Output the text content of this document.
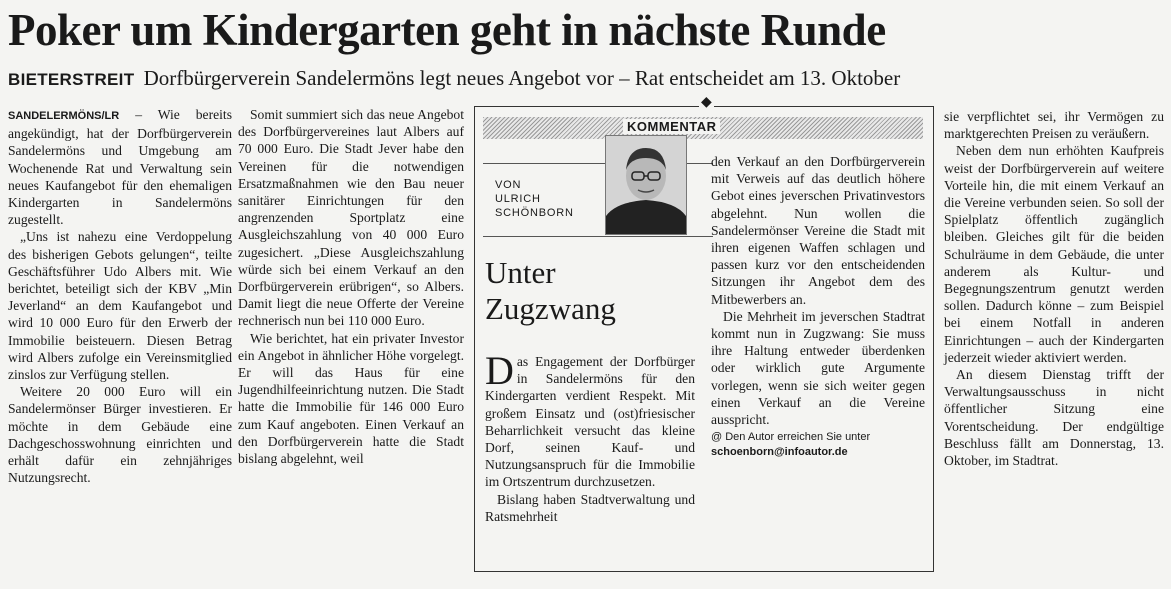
Poker um Kindergarten geht in nächste Runde
BIETERSTREIT Dorfbürgerverein Sandelermöns legt neues Angebot vor – Rat entscheidet am 13. Oktober

SANDELERMÖNS/LR – Wie bereits angekündigt, hat der Dorfbürgerverein Sandelermöns und Umgebung am Wochenende Rat und Verwaltung sein neues Kaufangebot für den ehemaligen Kindergarten in Sandelermöns zugestellt.

„Uns ist nahezu eine Verdoppelung des bisherigen Gebots gelungen“, teilte Geschäftsführer Udo Albers mit. Wie berichtet, beteiligt sich der KBV „Min Jeverland“ an dem Kaufangebot und wird 10 000 Euro für den Erwerb der Immobilie beisteuern. Diesen Betrag wird Albers zufolge ein Vereinsmitglied zinslos zur Verfügung stellen.

Weitere 20 000 Euro will ein Sandelermönser Bürger investieren. Er möchte in dem Gebäude eine Dachgeschosswohnung einrichten und erhält dafür ein zehnjähriges Nutzungsrecht.

Somit summiert sich das neue Angebot des Dorfbürgervereines laut Albers auf 70 000 Euro. Die Stadt Jever habe den Vereinen für die notwendigen Ersatzmaßnahmen wie den Bau neuer sanitärer Einrichtungen für den angrenzenden Sportplatz eine Ausgleichszahlung von 40 000 Euro zugesichert. „Diese Ausgleichszahlung würde sich bei einem Verkauf an den Dorfbürgerverein erübrigen“, so Albers. Damit liegt die neue Offerte der Vereine rechnerisch nun bei 110 000 Euro.

Wie berichtet, hat ein privater Investor ein Angebot in ähnlicher Höhe vorgelegt. Er will das Haus für eine Jugendhilfeeinrichtung nutzen. Die Stadt hatte die Immobilie für 146 000 Euro zum Kauf angeboten. Einen Verkauf an den Dorfbürgerverein hatte die Stadt bislang abgelehnt, weil

◆
KOMMENTAR
VON
ULRICH
SCHÖNBORN
Unter
Zugzwang

Das Engagement der Dorfbürger in Sandelermöns für den Kindergarten verdient Respekt. Mit großem Einsatz und (ost)friesischer Beharrlichkeit versucht das kleine Dorf, seinen Kauf- und Nutzungsanspruch für die Immobilie im Ortszentrum durchzusetzen.

Bislang haben Stadtverwaltung und Ratsmehrheit

den Verkauf an den Dorfbürgerverein mit Verweis auf das deutlich höhere Gebot eines jeverschen Privatinvestors abgelehnt. Nun wollen die Sandelermönser Vereine die Stadt mit ihren eigenen Waffen schlagen und passen kurz vor den entscheidenden Sitzungen ihr Angebot dem des Mitbewerbers an.

Die Mehrheit im jeverschen Stadtrat kommt nun in Zugzwang: Sie muss ihre Haltung entweder überdenken oder wirklich gute Argumente vorlegen, wenn sie sich weiter gegen einen Verkauf an die Vereine ausspricht.

@ Den Autor erreichen Sie unter
schoenborn@infoautor.de

sie verpflichtet sei, ihr Vermögen zu marktgerechten Preisen zu veräußern.

Neben dem nun erhöhten Kaufpreis weist der Dorfbürgerverein auf weitere Vorteile hin, die mit einem Verkauf an die Vereine verbunden seien. So soll der Spielplatz öffentlich zugänglich bleiben. Gleiches gilt für die beiden Schulräume in dem Gebäude, die unter anderem als Kultur- und Begegnungszentrum genutzt werden sollen. Dadurch könne – zum Beispiel bei einem Notfall in anderen Einrichtungen – auch der Kindergarten jederzeit wieder aktiviert werden.

An diesem Dienstag trifft der Verwaltungsausschuss in nicht öffentlicher Sitzung eine Vorentscheidung. Der endgültige Beschluss fällt am Donnerstag, 13. Oktober, im Stadtrat.
